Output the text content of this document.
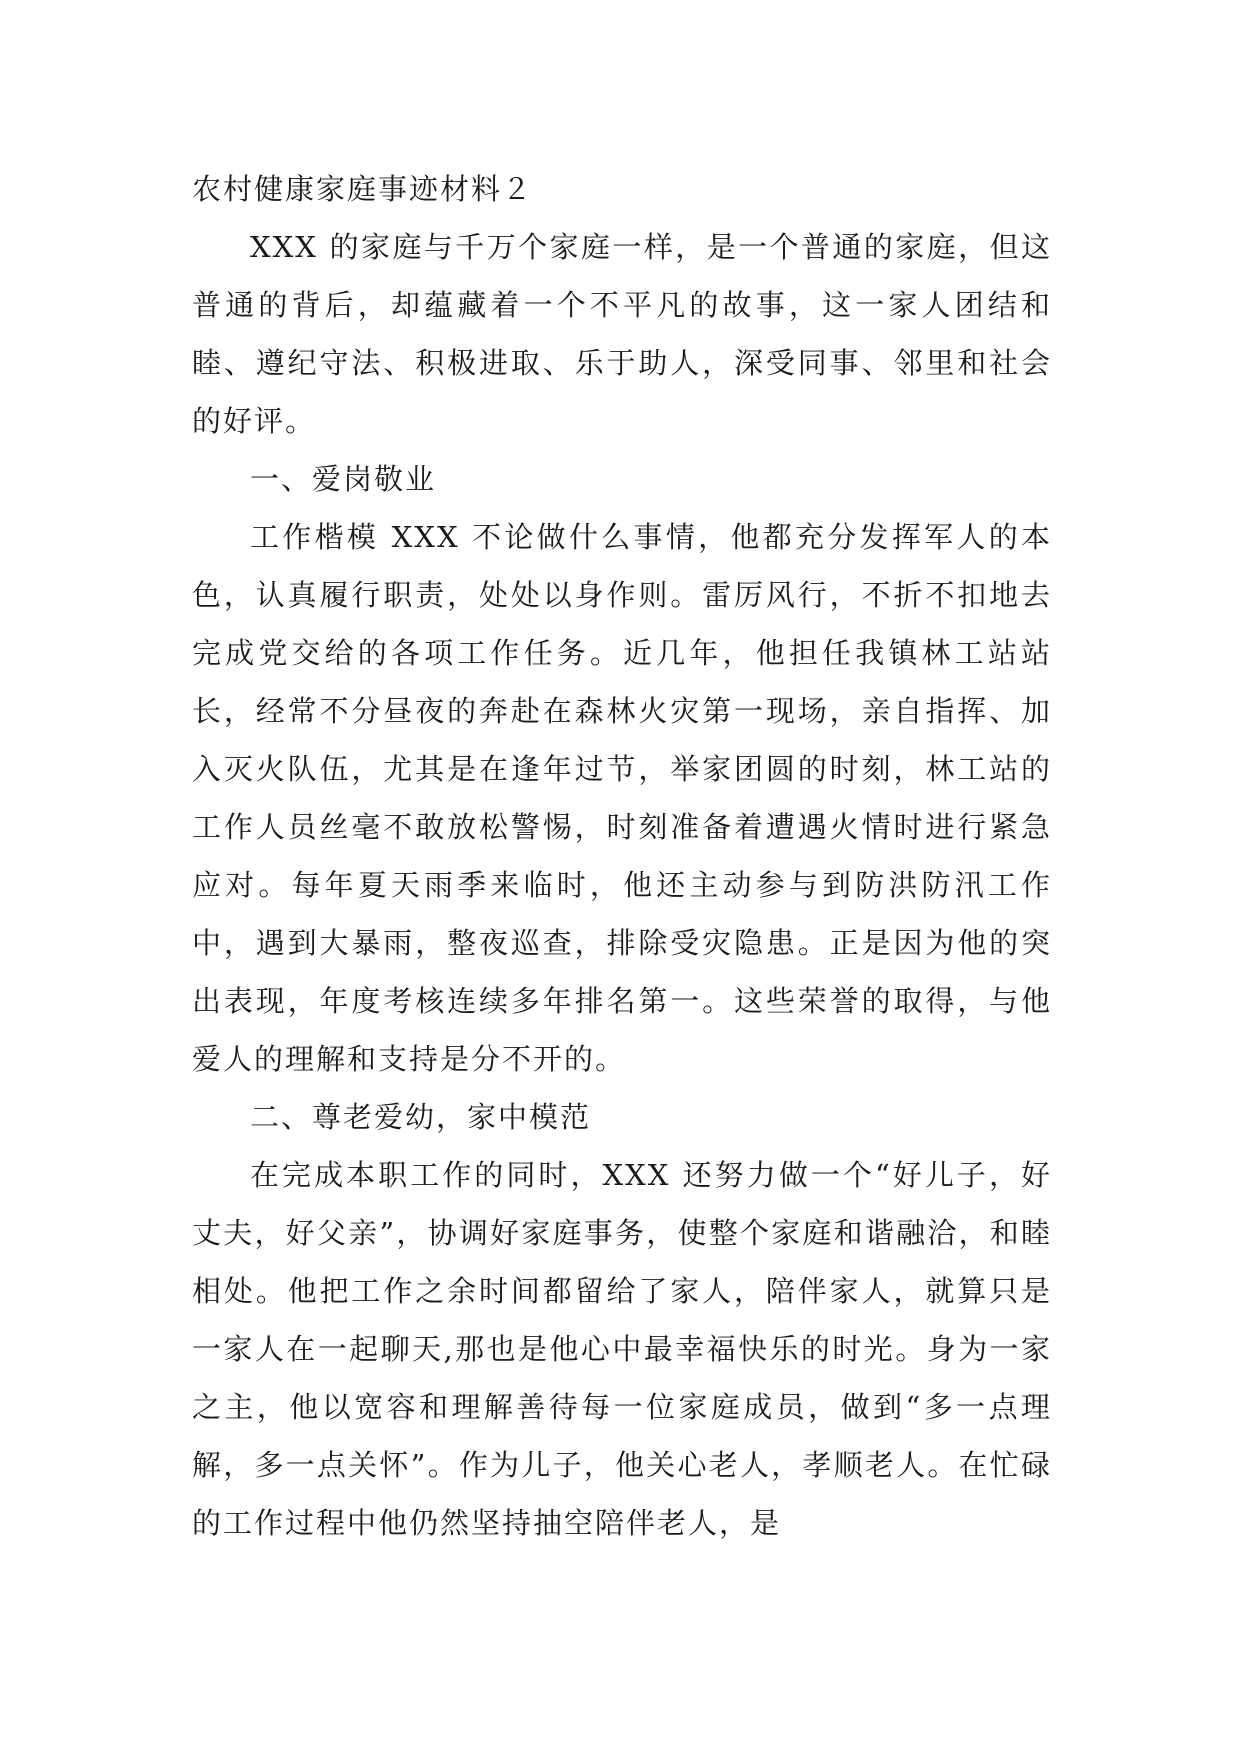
农村健康家庭事迹材料２

XXX 的家庭与千万个家庭一样，是一个普通的家庭，但这普通的背后，却蕴藏着一个不平凡的故事，这一家人团结和睦、遵纪守法、积极进取、乐于助人，深受同事、邻里和社会的好评。

一、爱岗敬业

工作楷模 XXX 不论做什么事情，他都充分发挥军人的本色，认真履行职责，处处以身作则。雷厉风行，不折不扣地去完成党交给的各项工作任务。近几年，他担任我镇林工站站长，经常不分昼夜的奔赴在森林火灾第一现场，亲自指挥、加入灭火队伍，尤其是在逢年过节，举家团圆的时刻，林工站的工作人员丝毫不敢放松警惕，时刻准备着遭遇火情时进行紧急应对。每年夏天雨季来临时，他还主动参与到防洪防汛工作中，遇到大暴雨，整夜巡查，排除受灾隐患。正是因为他的突出表现，年度考核连续多年排名第一。这些荣誉的取得，与他爱人的理解和支持是分不开的。

二、尊老爱幼，家中模范

在完成本职工作的同时，XXX 还努力做一个“好儿子，好丈夫，好父亲”，协调好家庭事务，使整个家庭和谐融洽，和睦相处。他把工作之余时间都留给了家人，陪伴家人，就算只是一家人在一起聊天,那也是他心中最幸福快乐的时光。身为一家之主，他以宽容和理解善待每一位家庭成员，做到“多一点理解，多一点关怀”。作为儿子，他关心老人，孝顺老人。在忙碌的工作过程中他仍然坚持抽空陪伴老人，是
